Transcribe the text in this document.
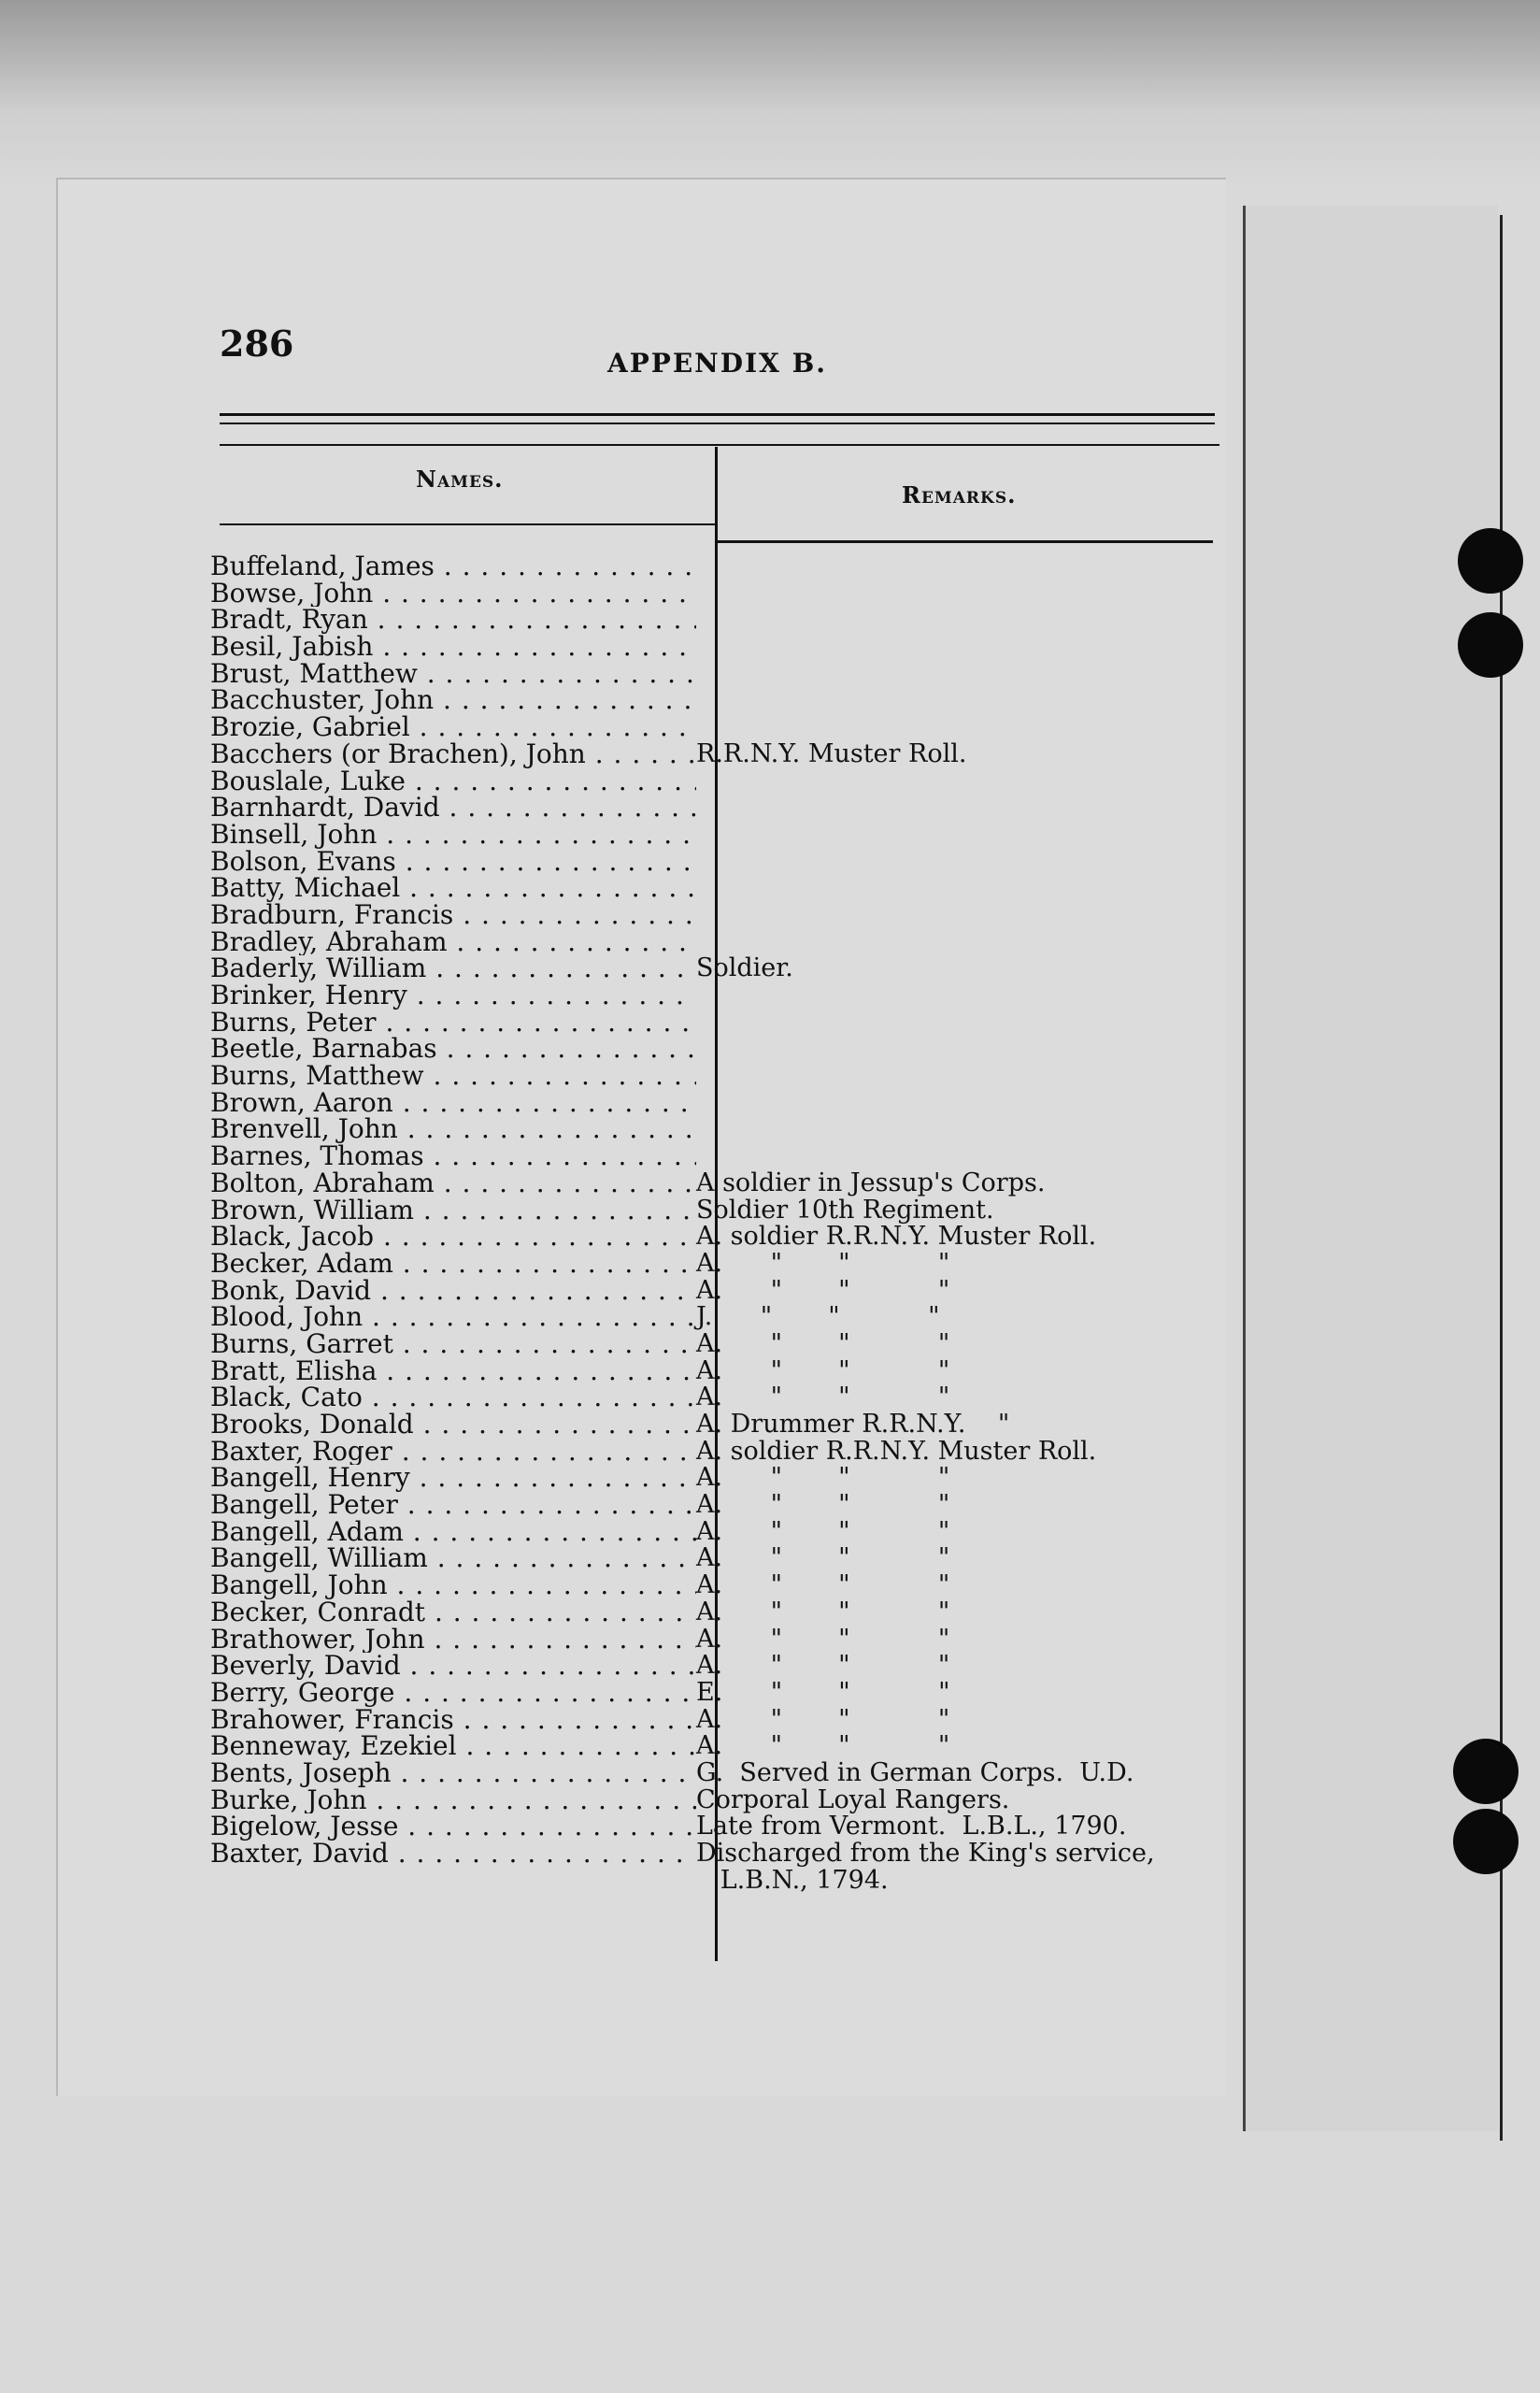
286	APPENDIX B.
Names.
Remarks.
Buffeland, James . . .
Bowse, John . . .
Bradt, Ryan . . .
Besil, Jabish . . .
Brust, Matthew . . .
Bacchuster, John . . .
Brozie, Gabriel . . .
Bacchers (or Brachen), John . . .	R.R.N.Y. Muster Roll.
Bouslale, Luke . . .
Barnhardt, David . . .
Binsell, John . . .
Bolson, Evans . . .
Batty, Michael . . .
Bradburn, Francis . . .
Bradley, Abraham . . .
Baderly, William . . .	Soldier.
Brinker, Henry . . .
Burns, Peter . . .
Beetle, Barnabas . . .
Burns, Matthew . . .
Brown, Aaron . . .
Brenvell, John . . .
Barnes, Thomas . . .
Bolton, Abraham . . .	A soldier in Jessup's Corps.
Brown, William . . .	Soldier 10th Regiment.
Black, Jacob . . .	A. soldier R.R.N.Y. Muster Roll.
Becker, Adam . . .	A.      "       "           "
Bonk, David . . .	A.      "       "           "
Blood, John . . .	J.      "       "           "
Burns, Garret . . .	A.      "       "           "
Bratt, Elisha . . .	A.      "       "           "
Black, Cato . . .	A.      "       "           "
Brooks, Donald . . .	A. Drummer R.R.N.Y.    "
Baxter, Roger . . .	A. soldier R.R.N.Y. Muster Roll.
Bangell, Henry . . .	A.      "       "           "
Bangell, Peter . . .	A.      "       "           "
Bangell, Adam . . .	A.      "       "           "
Bangell, William . . .	A.      "       "           "
Bangell, John . . .	A.      "       "           "
Becker, Conradt . . .	A.      "       "           "
Brathower, John . . .	A.      "       "           "
Beverly, David . . .	A.      "       "           "
Berry, George . . .	E.      "       "           "
Brahower, Francis . . .	A.      "       "           "
Benneway, Ezekiel . . .	A.      "       "           "
Bents, Joseph . . .	G.  Served in German Corps.  U.D.
Burke, John . . .	Corporal Loyal Rangers.
Bigelow, Jesse . . .	Late from Vermont.  L.B.L., 1790.
Baxter, David . . .	Discharged from the King's service,
L.B.N., 1794.
